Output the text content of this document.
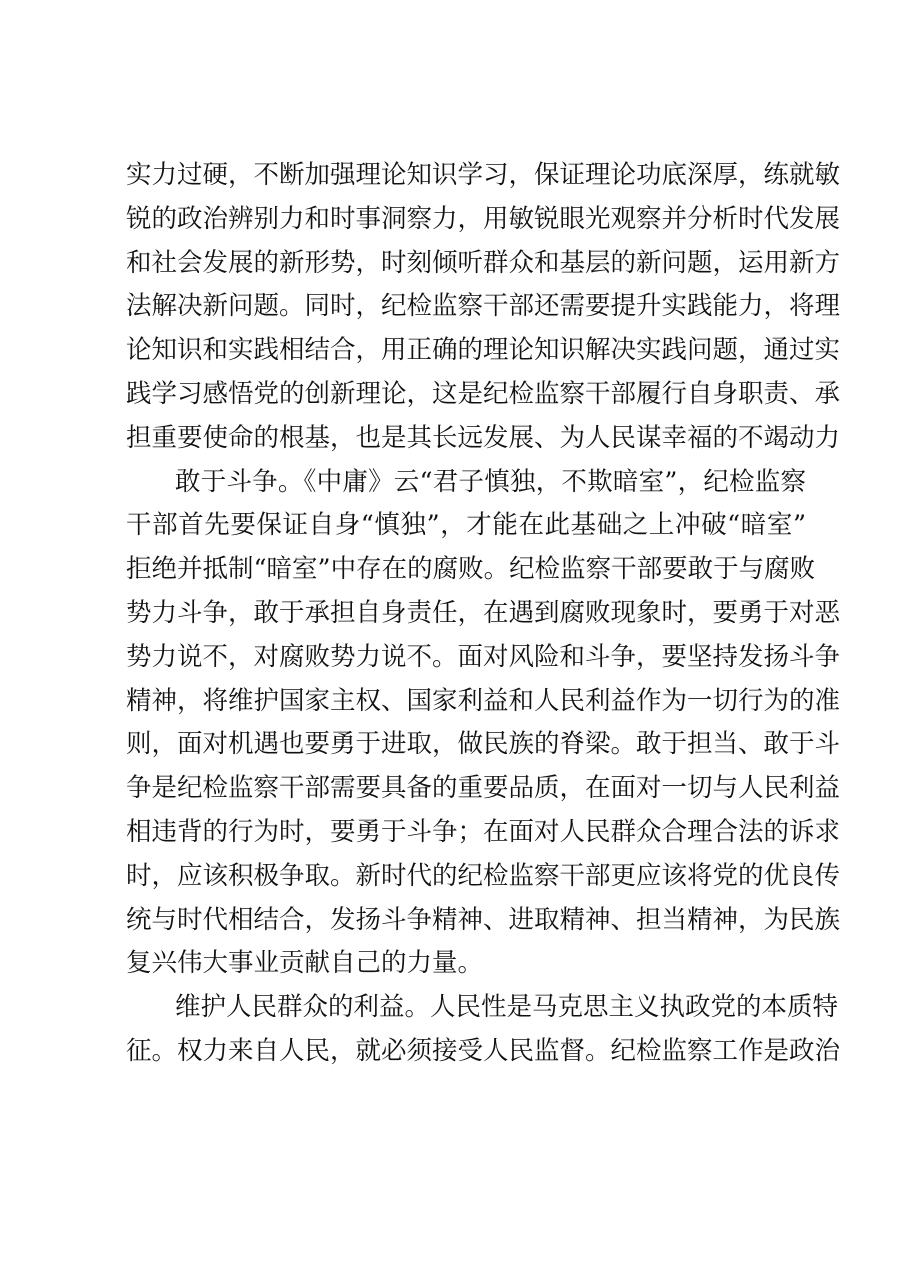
实力过硬，不断加强理论知识学习，保证理论功底深厚，练就敏
锐的政治辨别力和时事洞察力，用敏锐眼光观察并分析时代发展
和社会发展的新形势，时刻倾听群众和基层的新问题，运用新方
法解决新问题。同时，纪检监察干部还需要提升实践能力，将理
论知识和实践相结合，用正确的理论知识解决实践问题，通过实
践学习感悟党的创新理论，这是纪检监察干部履行自身职责、承
担重要使命的根基，也是其长远发展、为人民谋幸福的不竭动力
敢于斗争。《中庸》云“君子慎独，不欺暗室”，纪检监察
干部首先要保证自身“慎独”，才能在此基础之上冲破“暗室”
拒绝并抵制“暗室”中存在的腐败。纪检监察干部要敢于与腐败
势力斗争，敢于承担自身责任，在遇到腐败现象时，要勇于对恶
势力说不，对腐败势力说不。面对风险和斗争，要坚持发扬斗争
精神，将维护国家主权、国家利益和人民利益作为一切行为的准
则，面对机遇也要勇于进取，做民族的脊梁。敢于担当、敢于斗
争是纪检监察干部需要具备的重要品质，在面对一切与人民利益
相违背的行为时，要勇于斗争；在面对人民群众合理合法的诉求
时，应该积极争取。新时代的纪检监察干部更应该将党的优良传
统与时代相结合，发扬斗争精神、进取精神、担当精神，为民族
复兴伟大事业贡献自己的力量。
维护人民群众的利益。人民性是马克思主义执政党的本质特
征。权力来自人民，就必须接受人民监督。纪检监察工作是政治
